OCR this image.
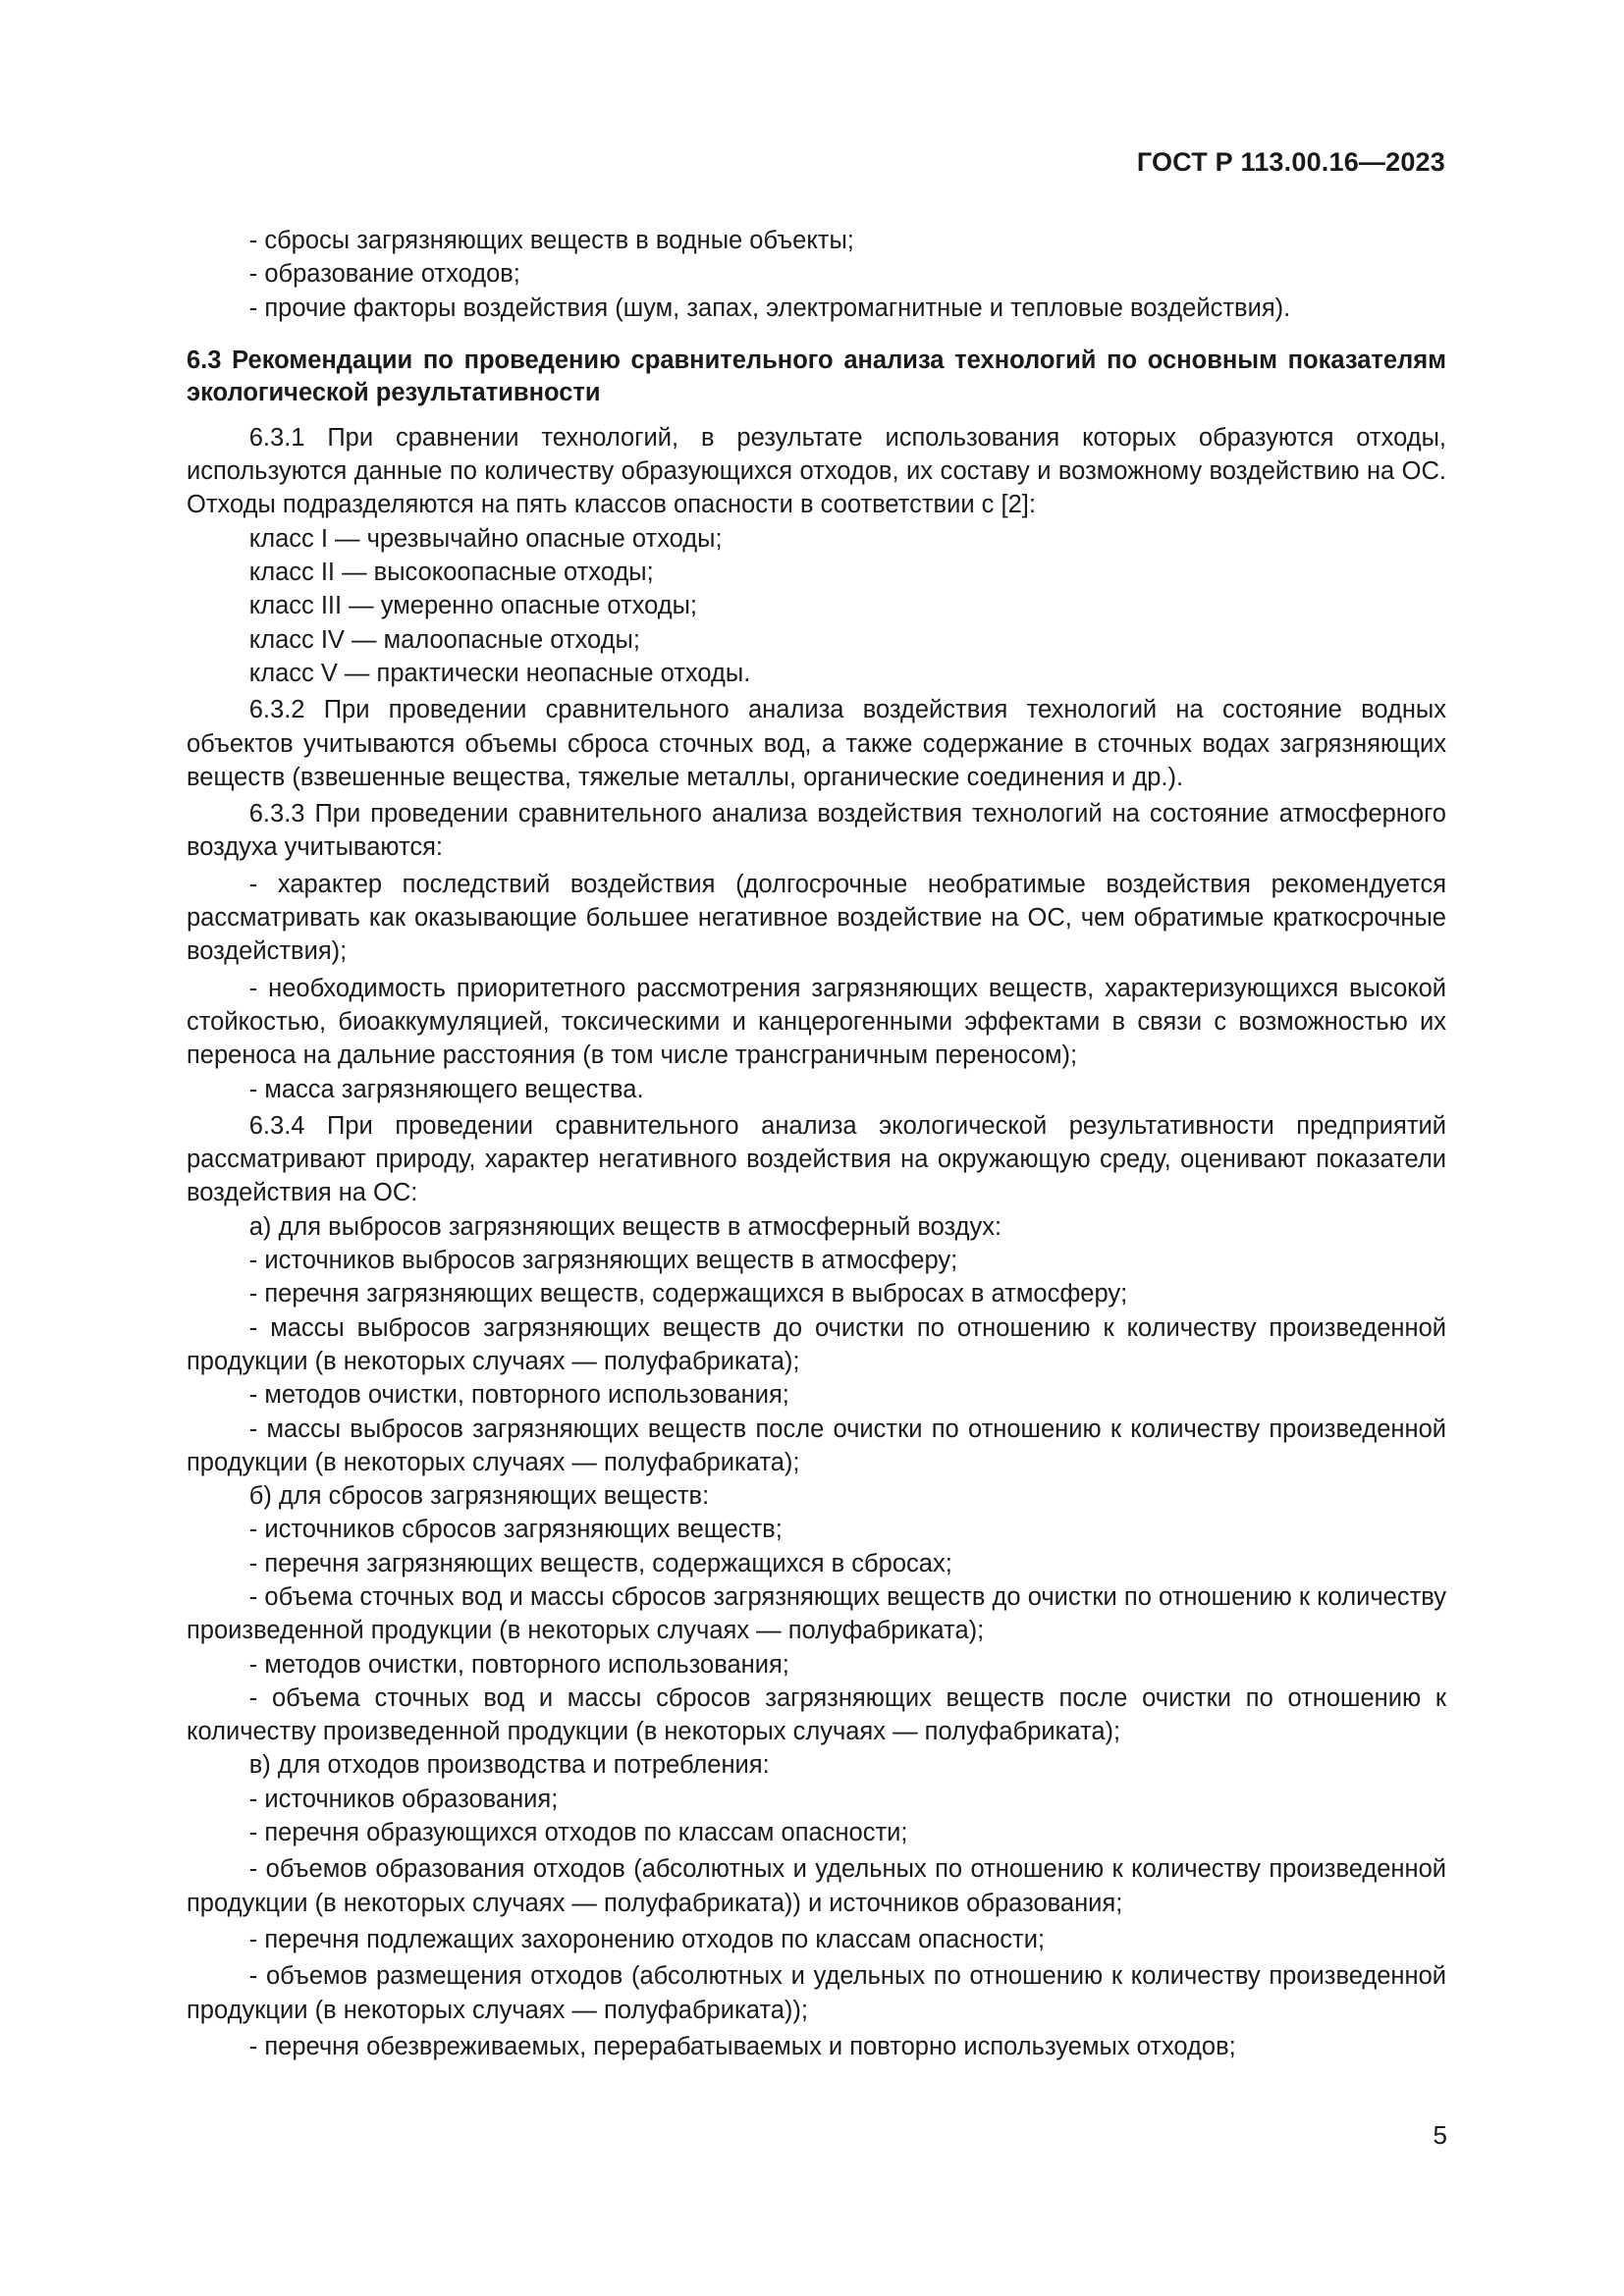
ГОСТ Р 113.00.16—2023

- сбросы загрязняющих веществ в водные объекты;

- образование отходов;

- прочие факторы воздействия (шум, запах, электромагнитные и тепловые воздействия).

6.3 Рекомендации по проведению сравнительного анализа технологий по основным показателям экологической результативности

6.3.1 При сравнении технологий, в результате использования которых образуются отходы, используются данные по количеству образующихся отходов, их составу и возможному воздействию на ОС. Отходы подразделяются на пять классов опасности в соответствии с [2]:

класс I — чрезвычайно опасные отходы;

класс II — высокоопасные отходы;

класс III — умеренно опасные отходы;

класс IV — малоопасные отходы;

класс V — практически неопасные отходы.

6.3.2 При проведении сравнительного анализа воздействия технологий на состояние водных объектов учитываются объемы сброса сточных вод, а также содержание в сточных водах загрязняющих веществ (взвешенные вещества, тяжелые металлы, органические соединения и др.).

6.3.3 При проведении сравнительного анализа воздействия технологий на состояние атмосферного воздуха учитываются:

- характер последствий воздействия (долгосрочные необратимые воздействия рекомендуется рассматривать как оказывающие большее негативное воздействие на ОС, чем обратимые краткосрочные воздействия);

- необходимость приоритетного рассмотрения загрязняющих веществ, характеризующихся высокой стойкостью, биоаккумуляцией, токсическими и канцерогенными эффектами в связи с возможностью их переноса на дальние расстояния (в том числе трансграничным переносом);

- масса загрязняющего вещества.

6.3.4 При проведении сравнительного анализа экологической результативности предприятий рассматривают природу, характер негативного воздействия на окружающую среду, оценивают показатели воздействия на ОС:

а) для выбросов загрязняющих веществ в атмосферный воздух:

- источников выбросов загрязняющих веществ в атмосферу;

- перечня загрязняющих веществ, содержащихся в выбросах в атмосферу;

- массы выбросов загрязняющих веществ до очистки по отношению к количеству произведенной продукции (в некоторых случаях — полуфабриката);

- методов очистки, повторного использования;

- массы выбросов загрязняющих веществ после очистки по отношению к количеству произведенной продукции (в некоторых случаях — полуфабриката);

б) для сбросов загрязняющих веществ:

- источников сбросов загрязняющих веществ;

- перечня загрязняющих веществ, содержащихся в сбросах;

- объема сточных вод и массы сбросов загрязняющих веществ до очистки по отношению к количеству произведенной продукции (в некоторых случаях — полуфабриката);

- методов очистки, повторного использования;

- объема сточных вод и массы сбросов загрязняющих веществ после очистки по отношению к количеству произведенной продукции (в некоторых случаях — полуфабриката);

в) для отходов производства и потребления:

- источников образования;

- перечня образующихся отходов по классам опасности;

- объемов образования отходов (абсолютных и удельных по отношению к количеству произведенной продукции (в некоторых случаях — полуфабриката)) и источников образования;

- перечня подлежащих захоронению отходов по классам опасности;

- объемов размещения отходов (абсолютных и удельных по отношению к количеству произведенной продукции (в некоторых случаях — полуфабриката));

- перечня обезвреживаемых, перерабатываемых и повторно используемых отходов;

5
